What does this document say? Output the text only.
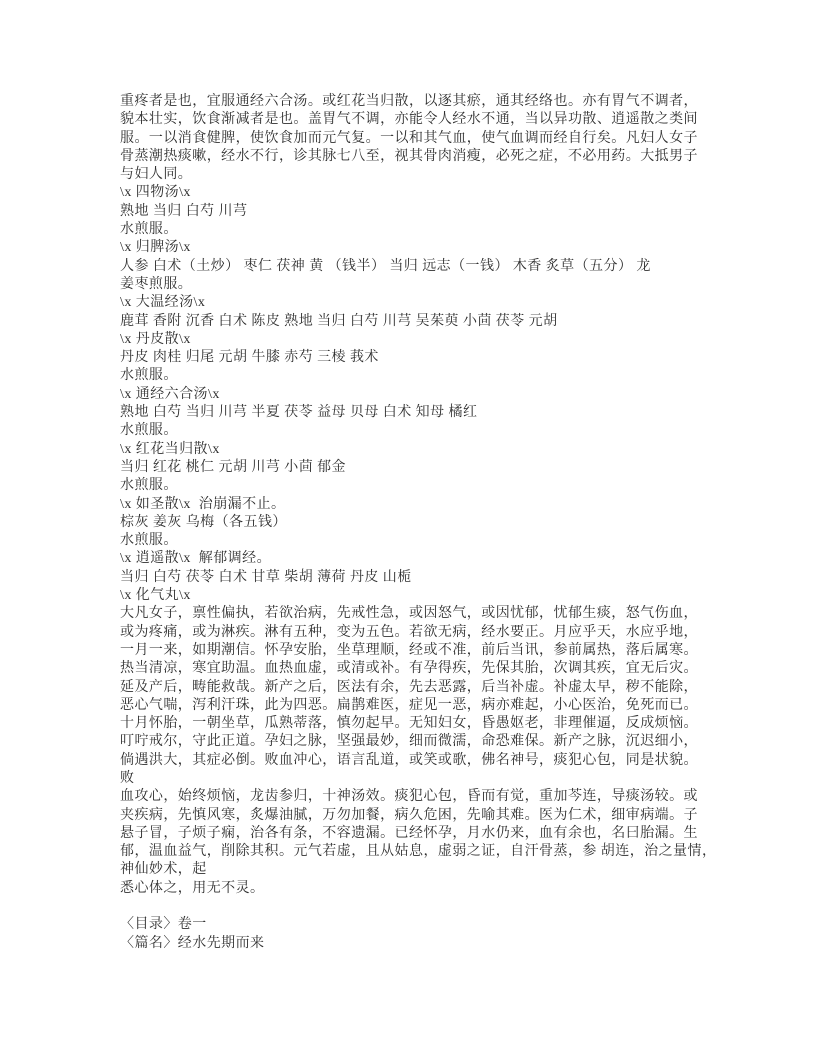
重疼者是也，宜服通经六合汤。或红花当归散，以逐其瘀，通其经络也。亦有胃气不调者，
貌本壮实，饮食渐减者是也。盖胃气不调，亦能令人经水不通，当以异功散、逍遥散之类间
服。一以消食健脾，使饮食加而元气复。一以和其气血，使气血调而经自行矣。凡妇人女子
骨蒸潮热痰嗽，经水不行，诊其脉七八至，视其骨肉消瘦，必死之症，不必用药。大抵男子
与妇人同。
\x 四物汤\x
熟地 当归 白芍 川芎
水煎服。
\x 归脾汤\x
人参 白术（土炒） 枣仁 茯神 黄 （钱半） 当归 远志（一钱） 木香 炙草（五分） 龙
姜枣煎服。
\x 大温经汤\x
鹿茸 香附 沉香 白术 陈皮 熟地 当归 白芍 川芎 吴茱萸 小茴 茯苓 元胡
\x 丹皮散\x
丹皮 肉桂 归尾 元胡 牛膝 赤芍 三棱 莪术
水煎服。
\x 通经六合汤\x
熟地 白芍 当归 川芎 半夏 茯苓 益母 贝母 白术 知母 橘红
水煎服。
\x 红花当归散\x
当归 红花 桃仁 元胡 川芎 小茴 郁金
水煎服。
\x 如圣散\x  治崩漏不止。
棕灰 姜灰 乌梅（各五钱）
水煎服。
\x 逍遥散\x  解郁调经。
当归 白芍 茯苓 白术 甘草 柴胡 薄荷 丹皮 山栀
\x 化气丸\x
大凡女子，禀性偏执，若欲治病，先戒性急，或因怒气，或因忧郁，忧郁生痰，怒气伤血，
或为疼痛，或为淋疾。淋有五种，变为五色。若欲无病，经水要正。月应乎天，水应乎地，
一月一来，如期潮信。怀孕安胎，坐草理顺，经或不准，前后当讯，参前属热，落后属寒。
热当清凉，寒宜助温。血热血虚，或清或补。有孕得疾，先保其胎，次调其疾，宜无后灾。
延及产后，畴能救哉。新产之后，医法有余，先去恶露，后当补虚。补虚太早，秽不能除，
恶心气喘，泻利汗珠，此为四恶。扁鹊难医，症见一恶，病亦难起，小心医治，免死而已。
十月怀胎，一朝坐草，瓜熟蒂落，慎勿起早。无知妇女，昏愚妪老，非理催逼，反成烦恼。
叮咛戒尔，守此正道。孕妇之脉，坚强最妙，细而微濡，命恐难保。新产之脉，沉迟细小，
倘遇洪大，其症必倒。败血冲心，语言乱道，或笑或歌，佛名神号，痰犯心包，同是状貌。
败
血攻心，始终烦恼，龙齿参归，十神汤效。痰犯心包，昏而有觉，重加芩连，导痰汤较。或
夹疾病，先慎风寒，炙爆油腻，万勿加餐，病久危困，先喻其难。医为仁术，细审病端。子
悬子冒，子烦子痫，治各有条，不容遗漏。已经怀孕，月水仍来，血有余也，名曰胎漏。生
郁，温血益气，削除其积。元气若虚，且从姑息，虚弱之证，自汗骨蒸，参 胡连，治之量情，
神仙妙术，起
悉心体之，用无不灵。
〈目录〉卷一
〈篇名〉经水先期而来
